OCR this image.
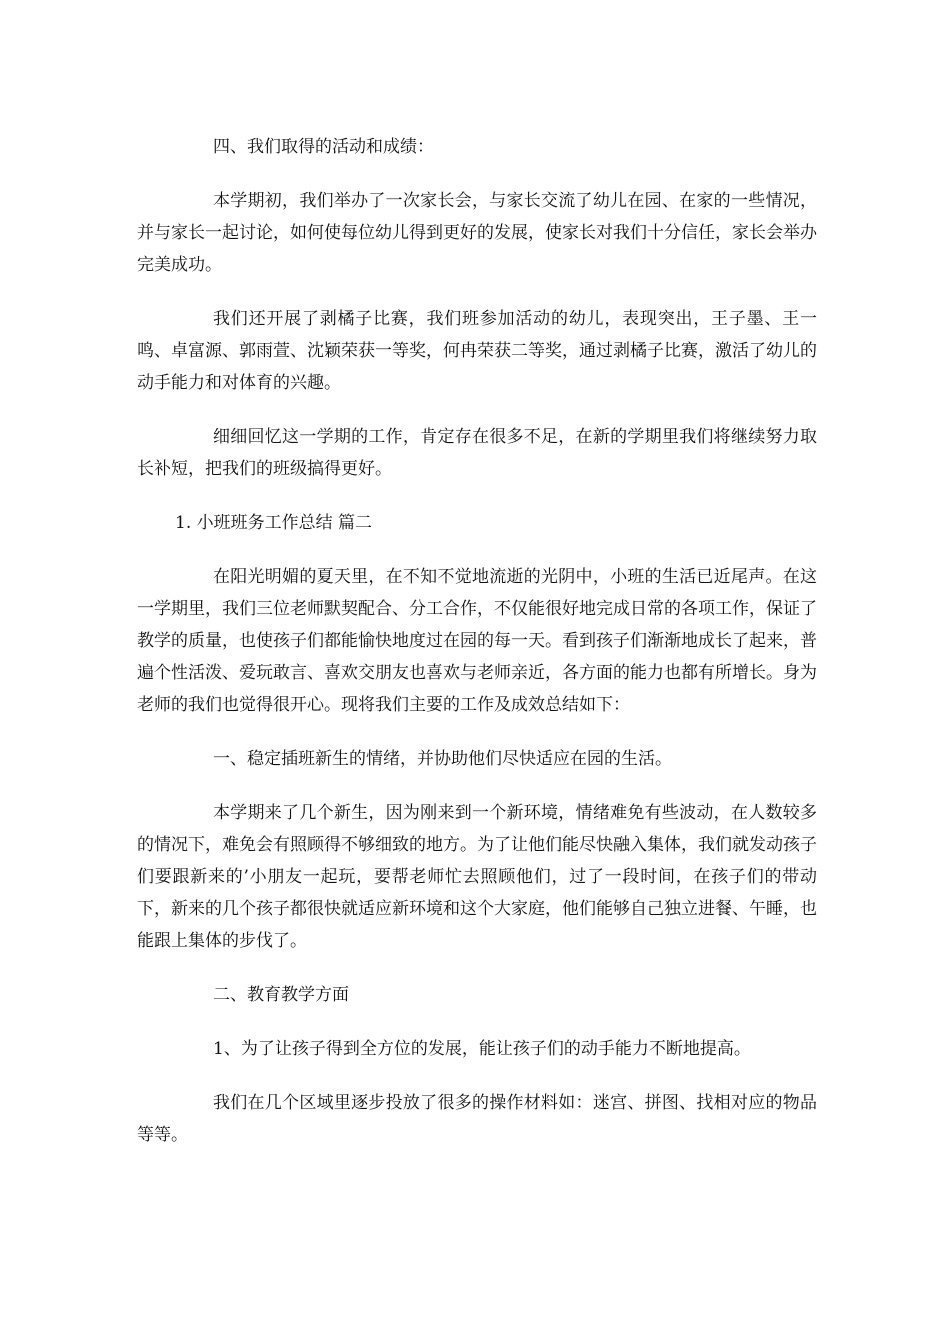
四、我们取得的活动和成绩：

本学期初，我们举办了一次家长会，与家长交流了幼儿在园、在家的一些情况，并与家长一起讨论，如何使每位幼儿得到更好的发展，使家长对我们十分信任，家长会举办完美成功。

我们还开展了剥橘子比赛，我们班参加活动的幼儿，表现突出，王子墨、王一鸣、卓富源、郭雨萱、沈颖荣获一等奖，何冉荣获二等奖，通过剥橘子比赛，激活了幼儿的动手能力和对体育的兴趣。

细细回忆这一学期的工作，肯定存在很多不足，在新的学期里我们将继续努力取长补短，把我们的班级搞得更好。

1. 小班班务工作总结 篇二

在阳光明媚的夏天里，在不知不觉地流逝的光阴中，小班的生活已近尾声。在这一学期里，我们三位老师默契配合、分工合作，不仅能很好地完成日常的各项工作，保证了教学的质量，也使孩子们都能愉快地度过在园的每一天。看到孩子们渐渐地成长了起来，普遍个性活泼、爱玩敢言、喜欢交朋友也喜欢与老师亲近，各方面的能力也都有所增长。身为老师的我们也觉得很开心。现将我们主要的工作及成效总结如下：

一、稳定插班新生的情绪，并协助他们尽快适应在园的生活。

本学期来了几个新生，因为刚来到一个新环境，情绪难免有些波动，在人数较多的情况下，难免会有照顾得不够细致的地方。为了让他们能尽快融入集体，我们就发动孩子们要跟新来的’小朋友一起玩，要帮老师忙去照顾他们，过了一段时间，在孩子们的带动下，新来的几个孩子都很快就适应新环境和这个大家庭，他们能够自己独立进餐、午睡，也能跟上集体的步伐了。

二、教育教学方面

1、为了让孩子得到全方位的发展，能让孩子们的动手能力不断地提高。

我们在几个区域里逐步投放了很多的操作材料如：迷宫、拼图、找相对应的物品等等。
